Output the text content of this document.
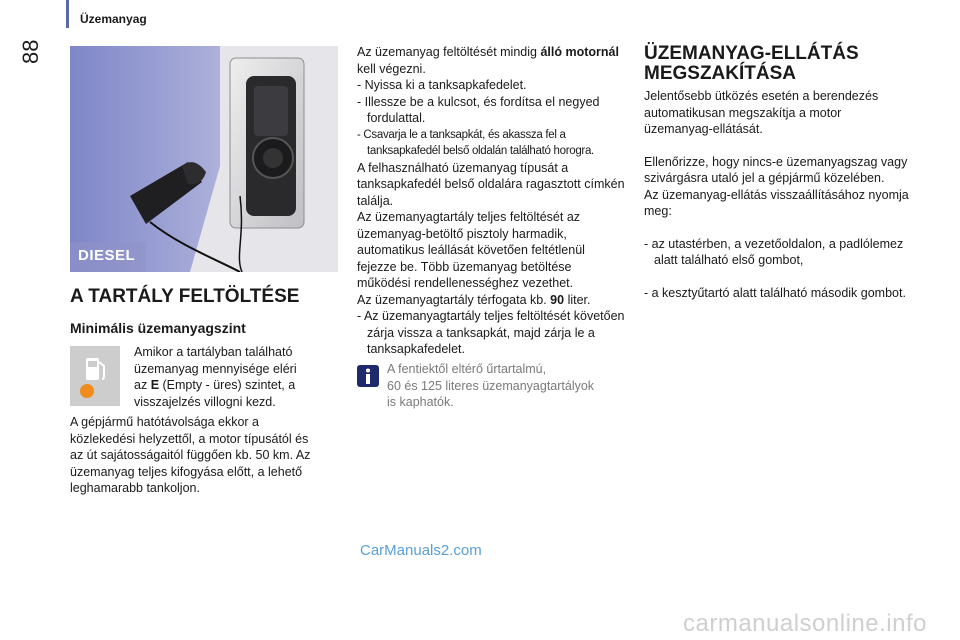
Üzemanyag
88
DIESEL
A TARTÁLY FELTÖLTÉSE
Minimális üzemanyagszint

Amikor a tartályban található

üzemanyag mennyisége eléri

az E (Empty - üres) szintet, a

visszajelzés villogni kezd.

A gépjármű hatótávolsága ekkor a

közlekedési helyzettől, a motor típusától és

az út sajátosságaitól függően kb. 50 km. Az

üzemanyag teljes kifogyása előtt, a lehető

leghamarabb tankoljon.

Az üzemanyag feltöltését mindig álló motornál kell végezni.

- Nyissa ki a tanksapkafedelet.

- Illessze be a kulcsot, és fordítsa el negyed fordulattal.

- Csavarja le a tanksapkát, és akassza fel a tanksapkafedél belső oldalán található horogra.

A felhasználható üzemanyag típusát a tanksapkafedél belső oldalára ragasztott címkén találja.

Az üzemanyagtartály teljes feltöltését az üzemanyag-betöltő pisztoly harmadik, automatikus leállását követően feltétlenül fejezze be. Több üzemanyag betöltése működési rendellenességhez vezethet.

Az üzemanyagtartály térfogata kb. 90 liter.

- Az üzemanyagtartály teljes feltöltését követően zárja vissza a tanksapkát, majd zárja le a tanksapkafedelet.

A fentiektől eltérő űrtartalmú,

60 és 125 literes üzemanyagtartályok

is kaphatók.

ÜZEMANYAG-ELLÁTÁS
MEGSZAKÍTÁSA

Jelentősebb ütközés esetén a berendezés automatikusan megszakítja a motor üzemanyag-ellátását.

Ellenőrizze, hogy nincs-e üzemanyagszag vagy szivárgásra utaló jel a gépjármű közelében.

Az üzemanyag-ellátás visszaállításához nyomja meg:

- az utastérben, a vezetőoldalon, a padlólemez alatt található első gombot,

- a kesztyűtartó alatt található második gombot.

CarManuals2.com
carmanualsonline.info
